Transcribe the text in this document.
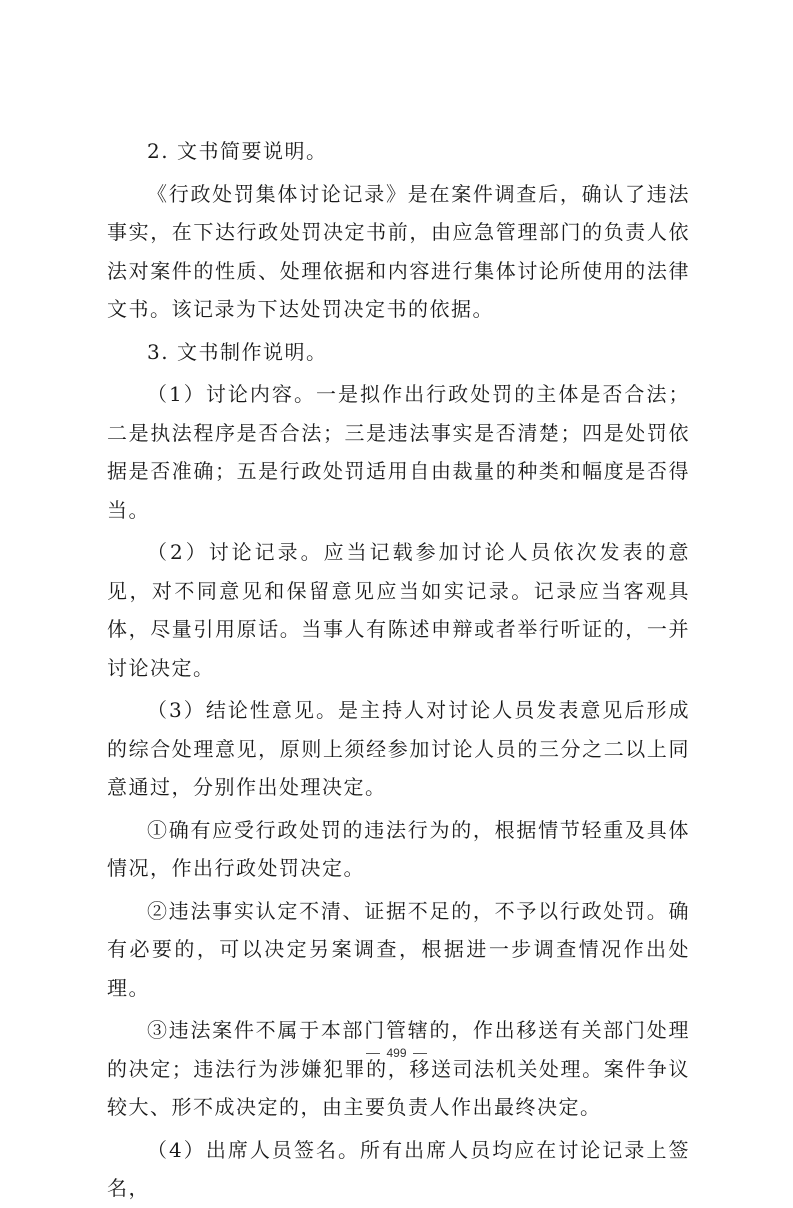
2. 文书简要说明。

《行政处罚集体讨论记录》是在案件调查后，确认了违法事实，在下达行政处罚决定书前，由应急管理部门的负责人依法对案件的性质、处理依据和内容进行集体讨论所使用的法律文书。该记录为下达处罚决定书的依据。

3. 文书制作说明。

（1）讨论内容。一是拟作出行政处罚的主体是否合法；二是执法程序是否合法；三是违法事实是否清楚；四是处罚依据是否准确；五是行政处罚适用自由裁量的种类和幅度是否得当。

（2）讨论记录。应当记载参加讨论人员依次发表的意见，对不同意见和保留意见应当如实记录。记录应当客观具体，尽量引用原话。当事人有陈述申辩或者举行听证的，一并讨论决定。

（3）结论性意见。是主持人对讨论人员发表意见后形成的综合处理意见，原则上须经参加讨论人员的三分之二以上同意通过，分别作出处理决定。

①确有应受行政处罚的违法行为的，根据情节轻重及具体情况，作出行政处罚决定。

②违法事实认定不清、证据不足的，不予以行政处罚。确有必要的，可以决定另案调查，根据进一步调查情况作出处理。

③违法案件不属于本部门管辖的，作出移送有关部门处理的决定；违法行为涉嫌犯罪的，移送司法机关处理。案件争议较大、形不成决定的，由主要负责人作出最终决定。

（4）出席人员签名。所有出席人员均应在讨论记录上签名，

499
